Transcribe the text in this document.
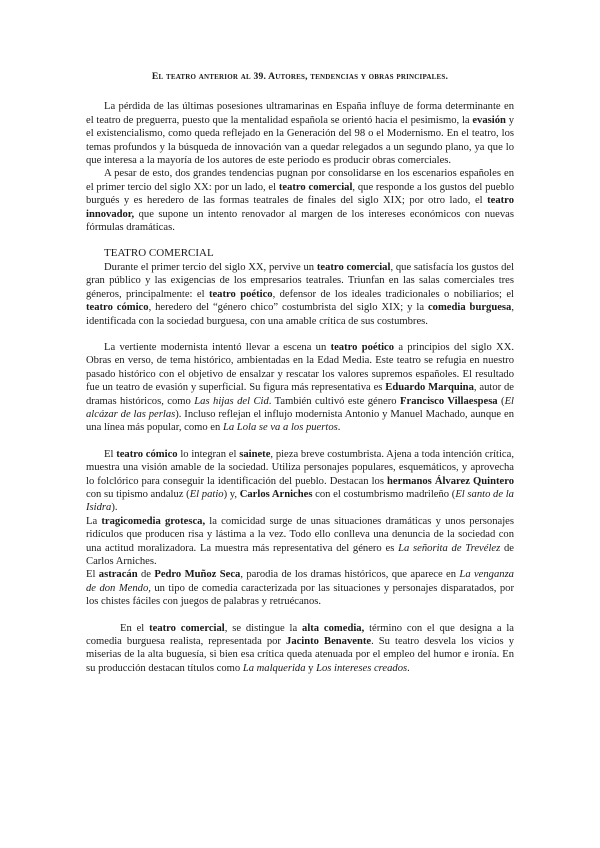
El teatro anterior al 39. Autores, tendencias y obras principales.

La pérdida de las últimas posesiones ultramarinas en España influye de forma determinante en el teatro de preguerra, puesto que la mentalidad española se orientó hacia el pesimismo, la evasión y el existencialismo, como queda reflejado en la Generación del 98 o el Modernismo. En el teatro, los temas profundos y la búsqueda de innovación van a quedar relegados a un segundo plano, ya que lo que interesa a la mayoría de los autores de este periodo es producir obras comerciales.

A pesar de esto, dos grandes tendencias pugnan por consolidarse en los escenarios españoles en el primer tercio del siglo XX: por un lado, el teatro comercial, que responde a los gustos del pueblo burgués y es heredero de las formas teatrales de finales del siglo XIX; por otro lado, el teatro innovador, que supone un intento renovador al margen de los intereses económicos con nuevas fórmulas dramáticas.

TEATRO COMERCIAL

Durante el primer tercio del siglo XX, pervive un teatro comercial, que satisfacía los gustos del gran público y las exigencias de los empresarios teatrales. Triunfan en las salas comerciales tres géneros, principalmente: el teatro poético, defensor de los ideales tradicionales o nobiliarios; el teatro cómico, heredero del “género chico” costumbrista del siglo XIX; y la comedia burguesa, identificada con la sociedad burguesa, con una amable crítica de sus costumbres.

La vertiente modernista intentó llevar a escena un teatro poético a principios del siglo XX. Obras en verso, de tema histórico, ambientadas en la Edad Media. Este teatro se refugia en nuestro pasado histórico con el objetivo de ensalzar y rescatar los valores supremos españoles. El resultado fue un teatro de evasión y superficial. Su figura más representativa es Eduardo Marquina, autor de dramas históricos, como Las hijas del Cid. También cultivó este género Francisco Villaespesa (El alcázar de las perlas). Incluso reflejan el influjo modernista Antonio y Manuel Machado, aunque en una línea más popular, como en La Lola se va a los puertos.

El teatro cómico lo integran el sainete, pieza breve costumbrista. Ajena a toda intención crítica, muestra una visión amable de la sociedad. Utiliza personajes populares, esquemáticos, y aprovecha lo folclórico para conseguir la identificación del pueblo. Destacan los hermanos Álvarez Quintero con su tipismo andaluz (El patio) y, Carlos Arniches con el costumbrismo madrileño (El santo de la Isidra).

La tragicomedia grotesca, la comicidad surge de unas situaciones dramáticas y unos personajes ridículos que producen risa y lástima a la vez. Todo ello conlleva una denuncia de la sociedad con una actitud moralizadora. La muestra más representativa del género es La señorita de Trevélez de Carlos Arniches.

El astracán de Pedro Muñoz Seca, parodia de los dramas históricos, que aparece en La venganza de don Mendo, un tipo de comedia caracterizada por las situaciones y personajes disparatados, por los chistes fáciles con juegos de palabras y retruécanos.

En el teatro comercial, se distingue la alta comedia, término con el que designa a la comedia burguesa realista, representada por Jacinto Benavente. Su teatro desvela los vicios y miserias de la alta buguesía, si bien esa crítica queda atenuada por el empleo del humor e ironía. En su producción destacan títulos como La malquerida y Los intereses creados.
